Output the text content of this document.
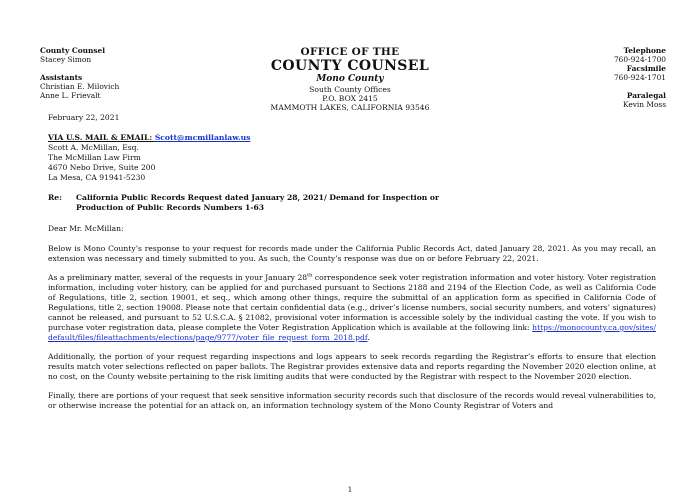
County Counsel
Stacey Simon
Assistants
Christian E. Milovich
Anne L. Frievalt
OFFICE OF THE
COUNTY COUNSEL
Mono County
South County Offices
P.O. BOX 2415
MAMMOTH LAKES, CALIFORNIA 93546
Telephone
760-924-1700
Facsimile
760-924-1701
Paralegal
Kevin Moss
February 22, 2021
VIA U.S. MAIL & EMAIL: Scott@mcmillanlaw.us
Scott A. McMillan, Esq.
The McMillan Law Firm
4670 Nebo Drive, Suite 200
La Mesa, CA 91941-5230
Re: California Public Records Request dated January 28, 2021/ Demand for Inspection or
Production of Public Records Numbers 1-63
Dear Mr. McMillan:

Below is Mono County’s response to your request for records made under the California Public Records Act, dated January 28, 2021. As you may recall, an extension was necessary and timely submitted to you. As such, the County’s response was due on or before February 22, 2021.

As a preliminary matter, several of the requests in your January 28th correspondence seek voter registration information and voter history. Voter registration information, including voter history, can be applied for and purchased pursuant to Sections 2188 and 2194 of the Election Code, as well as California Code of Regulations, title 2, section 19001, et seq., which among other things, require the submittal of an application form as specified in California Code of Regulations, title 2, section 19008. Please note that certain confidential data (e.g., driver’s license numbers, social security numbers, and voters’ signatures) cannot be released, and pursuant to 52 U.S.C.A. § 21082, provisional voter information is accessible solely by the individual casting the vote. If you wish to purchase voter registration data, please complete the Voter Registration Application which is available at the following link: https://monocounty.ca.gov/sites/default/files/fileattachments/elections/page/9777/voter_file_request_form_2018.pdf.

Additionally, the portion of your request regarding inspections and logs appears to seek records regarding the Registrar’s efforts to ensure that election results match voter selections reflected on paper ballots. The Registrar provides extensive data and reports regarding the November 2020 election online, at no cost, on the County website pertaining to the risk limiting audits that were conducted by the Registrar with respect to the November 2020 election.

Finally, there are portions of your request that seek sensitive information security records such that disclosure of the records would reveal vulnerabilities to, or otherwise increase the potential for an attack on, an information technology system of the Mono County Registrar of Voters and

1
